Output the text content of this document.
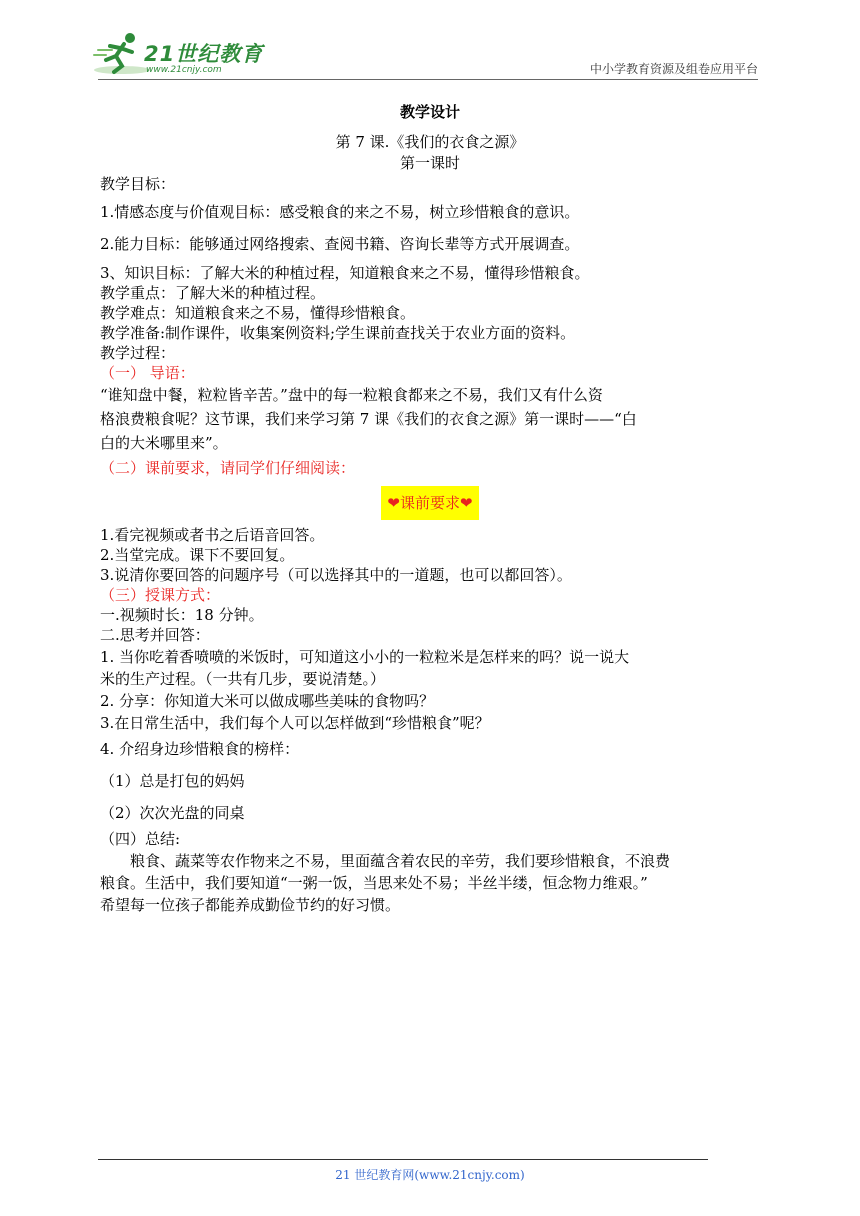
21世纪教育
www.21cnjy.com	中小学教育资源及组卷应用平台
教学设计
第 7 课.《我们的衣食之源》
第一课时
教学目标：
1.情感态度与价值观目标：感受粮食的来之不易，树立珍惜粮食的意识。
2.能力目标：能够通过网络搜索、查阅书籍、咨询长辈等方式开展调查。
3、知识目标：了解大米的种植过程，知道粮食来之不易，懂得珍惜粮食。
教学重点：了解大米的种植过程。
教学难点：知道粮食来之不易，懂得珍惜粮食。
教学准备:制作课件，收集案例资料;学生课前查找关于农业方面的资料。
教学过程：
（一） 导语：
“谁知盘中餐，粒粒皆辛苦。”盘中的每一粒粮食都来之不易，我们又有什么资
格浪费粮食呢？这节课，我们来学习第 7 课《我们的衣食之源》第一课时——“白
白的大米哪里来”。
（二）课前要求，请同学们仔细阅读：
❤课前要求❤
1.看完视频或者书之后语音回答。
2.当堂完成。课下不要回复。
3.说清你要回答的问题序号（可以选择其中的一道题，也可以都回答）。
（三）授课方式：
一.视频时长：18 分钟。
二.思考并回答：
1. 当你吃着香喷喷的米饭时，可知道这小小的一粒粒米是怎样来的吗？说一说大
米的生产过程。（一共有几步，要说清楚。）
2. 分享：你知道大米可以做成哪些美味的食物吗？
3.在日常生活中，我们每个人可以怎样做到“珍惜粮食”呢？
4. 介绍身边珍惜粮食的榜样：
（1）总是打包的妈妈
（2）次次光盘的同桌
（四）总结:
粮食、蔬菜等农作物来之不易，里面蕴含着农民的辛劳，我们要珍惜粮食，不浪费
粮食。生活中，我们要知道“一粥一饭，当思来处不易；半丝半缕，恒念物力维艰。”
希望每一位孩子都能养成勤俭节约的好习惯。
21 世纪教育网(www.21cnjy.com)
